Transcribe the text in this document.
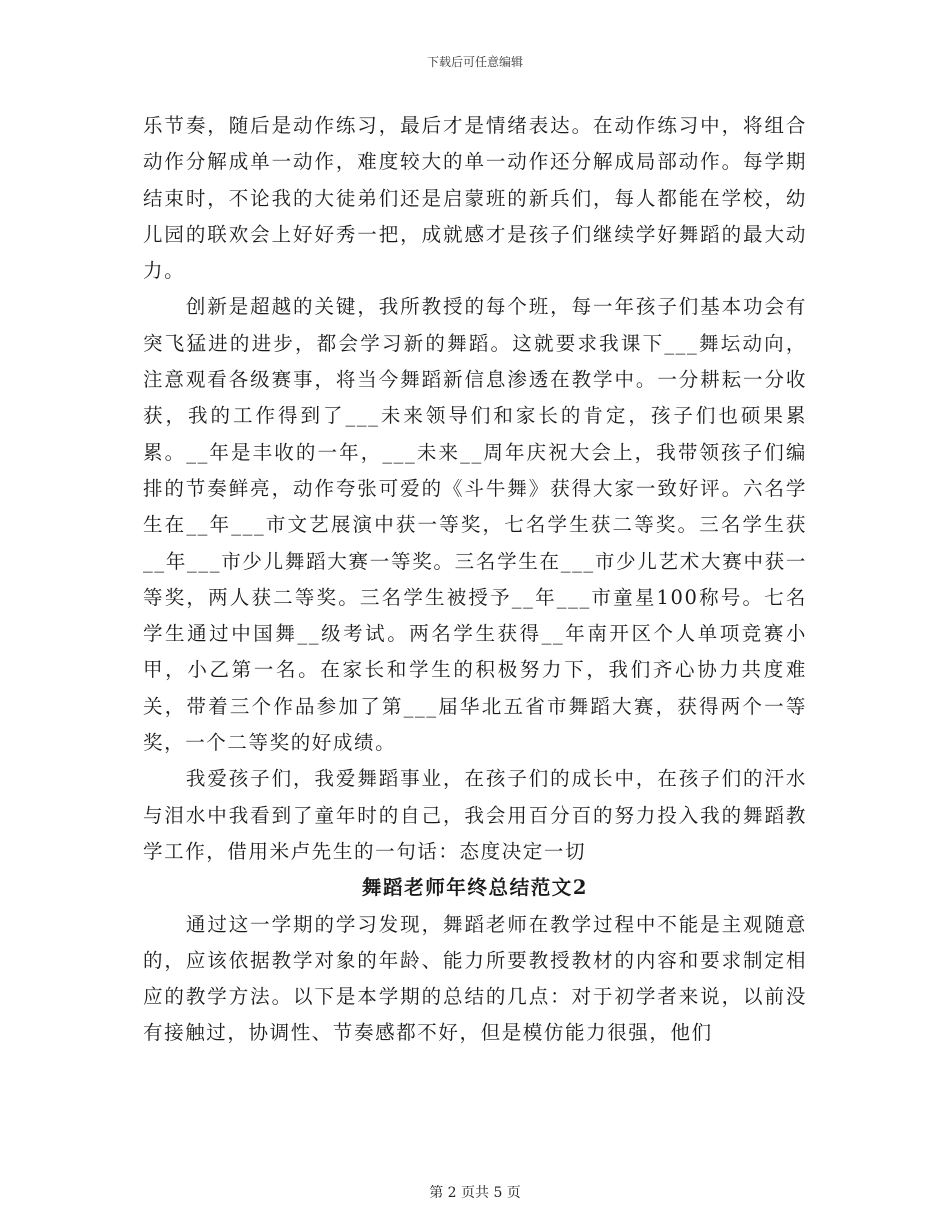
下载后可任意编辑

乐节奏，随后是动作练习，最后才是情绪表达。在动作练习中，将组合动作分解成单一动作，难度较大的单一动作还分解成局部动作。每学期结束时，不论我的大徒弟们还是启蒙班的新兵们，每人都能在学校，幼儿园的联欢会上好好秀一把，成就感才是孩子们继续学好舞蹈的最大动力。

创新是超越的关键，我所教授的每个班，每一年孩子们基本功会有突飞猛进的进步，都会学习新的舞蹈。这就要求我课下___舞坛动向，注意观看各级赛事，将当今舞蹈新信息渗透在教学中。一分耕耘一分收获，我的工作得到了___未来领导们和家长的肯定，孩子们也硕果累累。__年是丰收的一年，___未来__周年庆祝大会上，我带领孩子们编排的节奏鲜亮，动作夸张可爱的《斗牛舞》获得大家一致好评。六名学生在__年___市文艺展演中获一等奖，七名学生获二等奖。三名学生获__年___市少儿舞蹈大赛一等奖。三名学生在___市少儿艺术大赛中获一等奖，两人获二等奖。三名学生被授予__年___市童星100称号。七名学生通过中国舞__级考试。两名学生获得__年南开区个人单项竞赛小甲，小乙第一名。在家长和学生的积极努力下，我们齐心协力共度难关，带着三个作品参加了第___届华北五省市舞蹈大赛，获得两个一等奖，一个二等奖的好成绩。

我爱孩子们，我爱舞蹈事业，在孩子们的成长中，在孩子们的汗水与泪水中我看到了童年时的自己，我会用百分百的努力投入我的舞蹈教学工作，借用米卢先生的一句话：态度决定一切

舞蹈老师年终总结范文2

通过这一学期的学习发现，舞蹈老师在教学过程中不能是主观随意的，应该依据教学对象的年龄、能力所要教授教材的内容和要求制定相应的教学方法。以下是本学期的总结的几点：对于初学者来说，以前没有接触过，协调性、节奏感都不好，但是模仿能力很强，他们

第 2 页共 5 页
